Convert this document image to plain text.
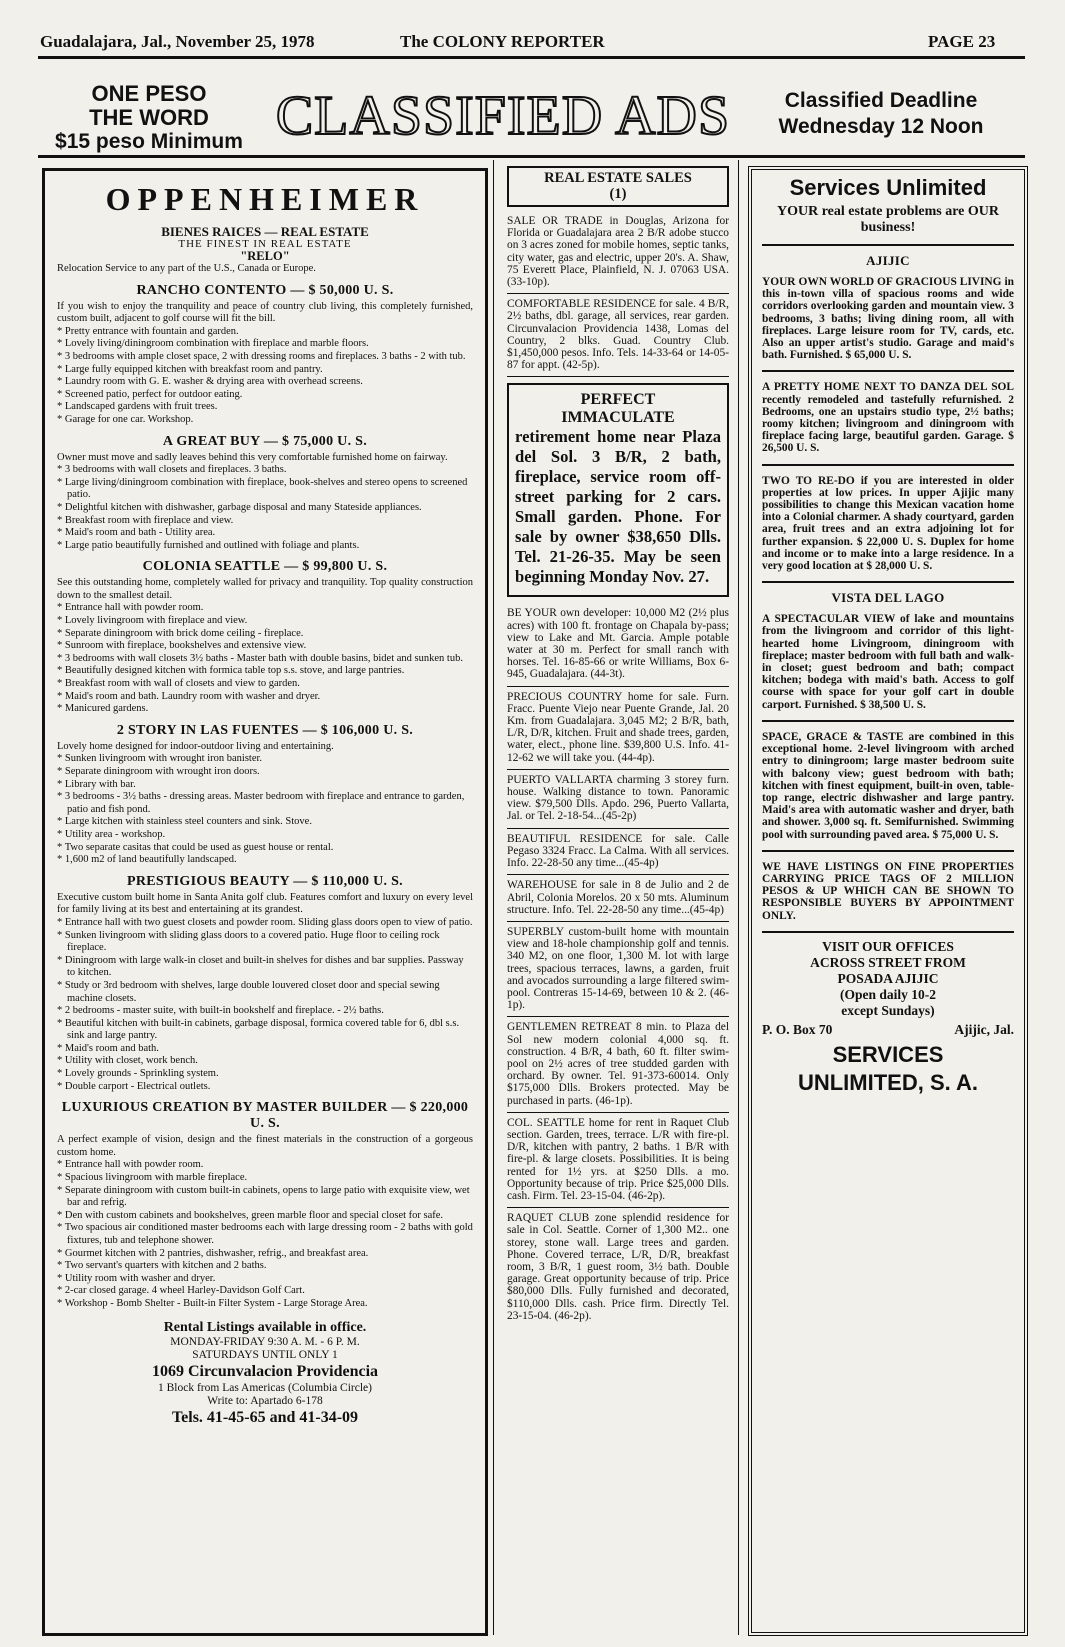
Guadalajara, Jal., November 25, 1978	The COLONY REPORTER	PAGE 23
ONE PESO
THE WORD
$15 peso Minimum CLASSIFIED ADS	Classified Deadline
Wednesday 12 Noon
OPPENHEIMER
BIENES RAICES — REAL ESTATE
THE FINEST IN REAL ESTATE
"RELO"
Relocation Service to any part of the U.S., Canada or Europe.
RANCHO CONTENTO — $ 50,000 U. S.

If you wish to enjoy the tranquility and peace of country club living, this completely furnished, custom built, adjacent to golf course will fit the bill.

* Pretty entrance with fountain and garden.
* Lovely living/diningroom combination with fireplace and marble floors.
* 3 bedrooms with ample closet space, 2 with dressing rooms and fireplaces. 3 baths - 2 with tub.
* Large fully equipped kitchen with breakfast room and pantry.
* Laundry room with G. E. washer & drying area with overhead screens.
* Screened patio, perfect for outdoor eating.
* Landscaped gardens with fruit trees.
* Garage for one car. Workshop.
A GREAT BUY — $ 75,000 U. S.

Owner must move and sadly leaves behind this very comfortable furnished home on fairway.

* 3 bedrooms with wall closets and fireplaces. 3 baths.
* Large living/diningroom combination with fireplace, book-shelves and stereo opens to screened patio.
* Delightful kitchen with dishwasher, garbage disposal and many Stateside appliances.
* Breakfast room with fireplace and view.
* Maid's room and bath - Utility area.
* Large patio beautifully furnished and outlined with foliage and plants.
COLONIA SEATTLE — $ 99,800 U. S.

See this outstanding home, completely walled for privacy and tranquility. Top quality construction down to the smallest detail.

* Entrance hall with powder room.
* Lovely livingroom with fireplace and view.
* Separate diningroom with brick dome ceiling - fireplace.
* Sunroom with fireplace, bookshelves and extensive view.
* 3 bedrooms with wall closets 3½ baths - Master bath with double basins, bidet and sunken tub.
* Beautifully designed kitchen with formica table top s.s. stove, and large pantries.
* Breakfast room with wall of closets and view to garden.
* Maid's room and bath. Laundry room with washer and dryer.
* Manicured gardens.
2 STORY IN LAS FUENTES — $ 106,000 U. S.

Lovely home designed for indoor-outdoor living and entertaining.

* Sunken livingroom with wrought iron banister.
* Separate diningroom with wrought iron doors.
* Library with bar.
* 3 bedrooms - 3½ baths - dressing areas. Master bedroom with fireplace and entrance to garden, patio and fish pond.
* Large kitchen with stainless steel counters and sink. Stove.
* Utility area - workshop.
* Two separate casitas that could be used as guest house or rental.
* 1,600 m2 of land beautifully landscaped.
PRESTIGIOUS BEAUTY — $ 110,000 U. S.

Executive custom built home in Santa Anita golf club. Features comfort and luxury on every level for family living at its best and entertaining at its grandest.

* Entrance hall with two guest closets and powder room. Sliding glass doors open to view of patio.
* Sunken livingroom with sliding glass doors to a covered patio. Huge floor to ceiling rock fireplace.
* Diningroom with large walk-in closet and built-in shelves for dishes and bar supplies. Passway to kitchen.
* Study or 3rd bedroom with shelves, large double louvered closet door and special sewing machine closets.
* 2 bedrooms - master suite, with built-in bookshelf and fireplace. - 2½ baths.
* Beautiful kitchen with built-in cabinets, garbage disposal, formica covered table for 6, dbl s.s. sink and large pantry.
* Maid's room and bath.
* Utility with closet, work bench.
* Lovely grounds - Sprinkling system.
* Double carport - Electrical outlets.
LUXURIOUS CREATION BY MASTER BUILDER — $ 220,000 U. S.

A perfect example of vision, design and the finest materials in the construction of a gorgeous custom home.

* Entrance hall with powder room.
* Spacious livingroom with marble fireplace.
* Separate diningroom with custom built-in cabinets, opens to large patio with exquisite view, wet bar and refrig.
* Den with custom cabinets and bookshelves, green marble floor and special closet for safe.
* Two spacious air conditioned master bedrooms each with large dressing room - 2 baths with gold fixtures, tub and telephone shower.
* Gourmet kitchen with 2 pantries, dishwasher, refrig., and breakfast area.
* Two servant's quarters with kitchen and 2 baths.
* Utility room with washer and dryer.
* 2-car closed garage. 4 wheel Harley-Davidson Golf Cart.
* Workshop - Bomb Shelter - Built-in Filter System - Large Storage Area.
Rental Listings available in office.
MONDAY-FRIDAY 9:30 A. M. - 6 P. M.
SATURDAYS UNTIL ONLY 1
1069 Circunvalacion Providencia
1 Block from Las Americas (Columbia Circle)
Write to: Apartado 6-178
Tels. 41-45-65 and 41-34-09
REAL ESTATE SALES
(1)
SALE OR TRADE in Douglas, Arizona for Florida or Guadalajara area 2 B/R adobe stucco on 3 acres zoned for mobile homes, septic tanks, city water, gas and electric, upper 20's. A. Shaw, 75 Everett Place, Plainfield, N. J. 07063 USA. (33-10p).
COMFORTABLE RESIDENCE for sale. 4 B/R, 2½ baths, dbl. garage, all services, rear garden. Circunvalacion Providencia 1438, Lomas del Country, 2 blks. Guad. Country Club. $1,450,000 pesos. Info. Tels. 14-33-64 or 14-05-87 for appt. (42-5p).
PERFECT
IMMACULATE
retirement home near Plaza del Sol. 3 B/R, 2 bath, fireplace, service room off-street parking for 2 cars. Small garden. Phone. For sale by owner $38,650 Dlls. Tel. 21-26-35. May be seen beginning Monday Nov. 27.
BE YOUR own developer: 10,000 M2 (2½ plus acres) with 100 ft. frontage on Chapala by-pass; view to Lake and Mt. Garcia. Ample potable water at 30 m. Perfect for small ranch with horses. Tel. 16-85-66 or write Williams, Box 6-945, Guadalajara. (44-3t).
PRECIOUS COUNTRY home for sale. Furn. Fracc. Puente Viejo near Puente Grande, Jal. 20 Km. from Guadalajara. 3,045 M2; 2 B/R, bath, L/R, D/R, kitchen. Fruit and shade trees, garden, water, elect., phone line. $39,800 U.S. Info. 41-12-62 we will take you. (44-4p).
PUERTO VALLARTA charming 3 storey furn. house. Walking distance to town. Panoramic view. $79,500 Dlls. Apdo. 296, Puerto Vallarta, Jal. or Tel. 2-18-54...(45-2p)
BEAUTIFUL RESIDENCE for sale. Calle Pegaso 3324 Fracc. La Calma. With all services. Info. 22-28-50 any time...(45-4p)
WAREHOUSE for sale in 8 de Julio and 2 de Abril, Colonia Morelos. 20 x 50 mts. Aluminum structure. Info. Tel. 22-28-50 any time...(45-4p)
SUPERBLY custom-built home with mountain view and 18-hole championship golf and tennis. 340 M2, on one floor, 1,300 M. lot with large trees, spacious terraces, lawns, a garden, fruit and avocados surrounding a large filtered swim-pool. Contreras 15-14-69, between 10 & 2. (46-1p).
GENTLEMEN RETREAT 8 min. to Plaza del Sol new modern colonial 4,000 sq. ft. construction. 4 B/R, 4 bath, 60 ft. filter swim-pool on 2½ acres of tree studded garden with orchard. By owner. Tel. 91-373-60014. Only $175,000 Dlls. Brokers protected. May be purchased in parts. (46-1p).
COL. SEATTLE home for rent in Raquet Club section. Garden, trees, terrace. L/R with fire-pl. D/R, kitchen with pantry, 2 baths. 1 B/R with fire-pl. & large closets. Possibilities. It is being rented for 1½ yrs. at $250 Dlls. a mo. Opportunity because of trip. Price $25,000 Dlls. cash. Firm. Tel. 23-15-04. (46-2p).
RAQUET CLUB zone splendid residence for sale in Col. Seattle. Corner of 1,300 M2.. one storey, stone wall. Large trees and garden. Phone. Covered terrace, L/R, D/R, breakfast room, 3 B/R, 1 guest room, 3½ bath. Double garage. Great opportunity because of trip. Price $80,000 Dlls. Fully furnished and decorated, $110,000 Dlls. cash. Price firm. Directly Tel. 23-15-04. (46-2p).
Services Unlimited
YOUR real estate problems are OUR business!
AJIJIC
YOUR OWN WORLD OF GRACIOUS LIVING in this in-town villa of spacious rooms and wide corridors overlooking garden and mountain view. 3 bedrooms, 3 baths; living dining room, all with fireplaces. Large leisure room for TV, cards, etc. Also an upper artist's studio. Garage and maid's bath. Furnished. $ 65,000 U. S.
A PRETTY HOME NEXT TO DANZA DEL SOL recently remodeled and tastefully refurnished. 2 Bedrooms, one an upstairs studio type, 2½ baths; roomy kitchen; livingroom and diningroom with fireplace facing large, beautiful garden. Garage. $ 26,500 U. S.
TWO TO RE-DO if you are interested in older properties at low prices. In upper Ajijic many possibilities to change this Mexican vacation home into a Colonial charmer. A shady courtyard, garden area, fruit trees and an extra adjoining lot for further expansion. $ 22,000 U. S. Duplex for home and income or to make into a large residence. In a very good location at $ 28,000 U. S.
VISTA DEL LAGO
A SPECTACULAR VIEW of lake and mountains from the livingroom and corridor of this light-hearted home Livingroom, diningroom with fireplace; master bedroom with full bath and walk-in closet; guest bedroom and bath; compact kitchen; bodega with maid's bath. Access to golf course with space for your golf cart in double carport. Furnished. $ 38,500 U. S.
SPACE, GRACE & TASTE are combined in this exceptional home. 2-level livingroom with arched entry to diningroom; large master bedroom suite with balcony view; guest bedroom with bath; kitchen with finest equipment, built-in oven, table-top range, electric dishwasher and large pantry. Maid's area with automatic washer and dryer, bath and shower. 3,000 sq. ft. Semifurnished. Swimming pool with surrounding paved area. $ 75,000 U. S.
WE HAVE LISTINGS ON FINE PROPERTIES CARRYING PRICE TAGS OF 2 MILLION PESOS & UP WHICH CAN BE SHOWN TO RESPONSIBLE BUYERS BY APPOINTMENT ONLY.
VISIT OUR OFFICES
ACROSS STREET FROM
POSADA AJIJIC
(Open daily 10-2
except Sundays)
P. O. Box 70	Ajijic, Jal.
SERVICES
UNLIMITED, S. A.
